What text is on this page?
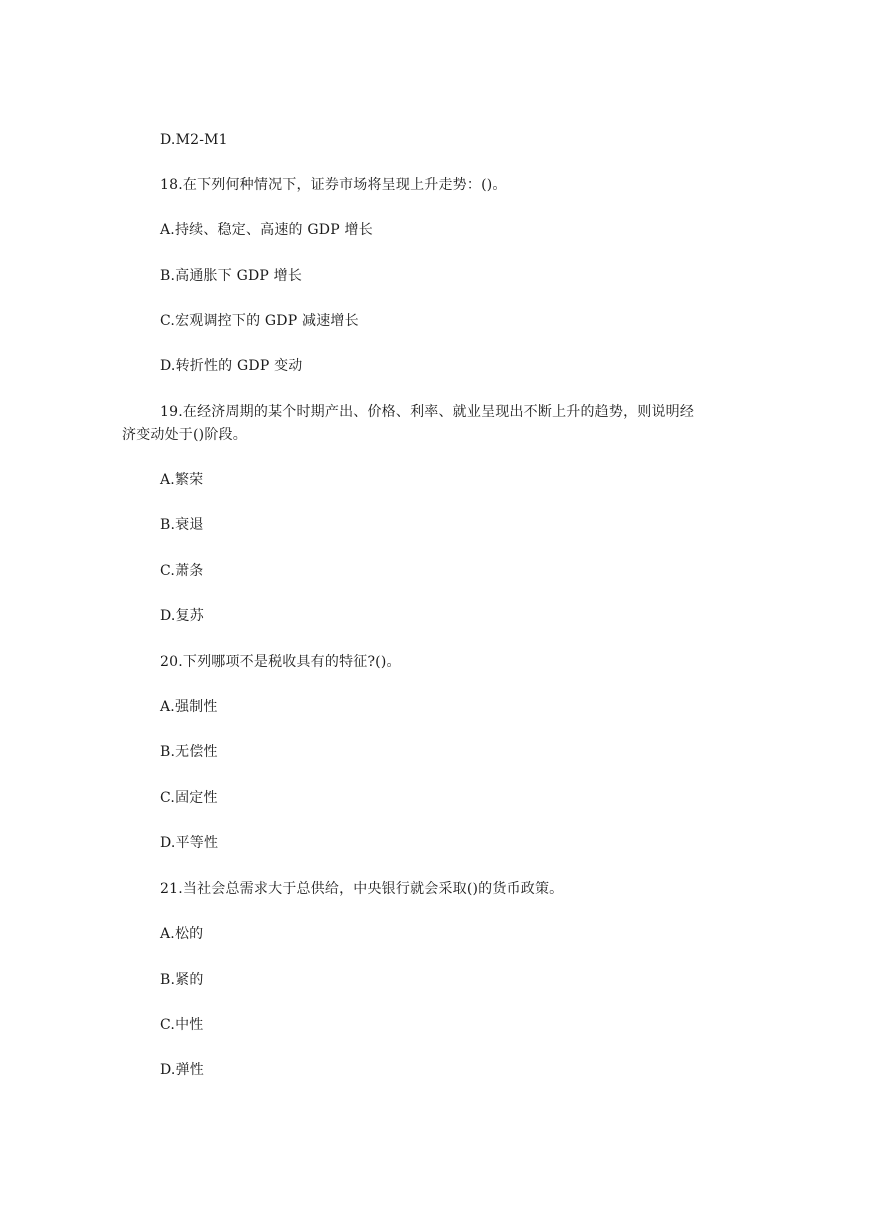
D.M2-M1
18.在下列何种情况下，证券市场将呈现上升走势：()。
A.持续、稳定、高速的 GDP 增长
B.高通胀下 GDP 增长
C.宏观调控下的 GDP 减速增长
D.转折性的 GDP 变动
19.在经济周期的某个时期产出、价格、利率、就业呈现出不断上升的趋势，则说明经
济变动处于()阶段。
A.繁荣
B.衰退
C.萧条
D.复苏
20.下列哪项不是税收具有的特征?()。
A.强制性
B.无偿性
C.固定性
D.平等性
21.当社会总需求大于总供给，中央银行就会采取()的货币政策。
A.松的
B.紧的
C.中性
D.弹性
